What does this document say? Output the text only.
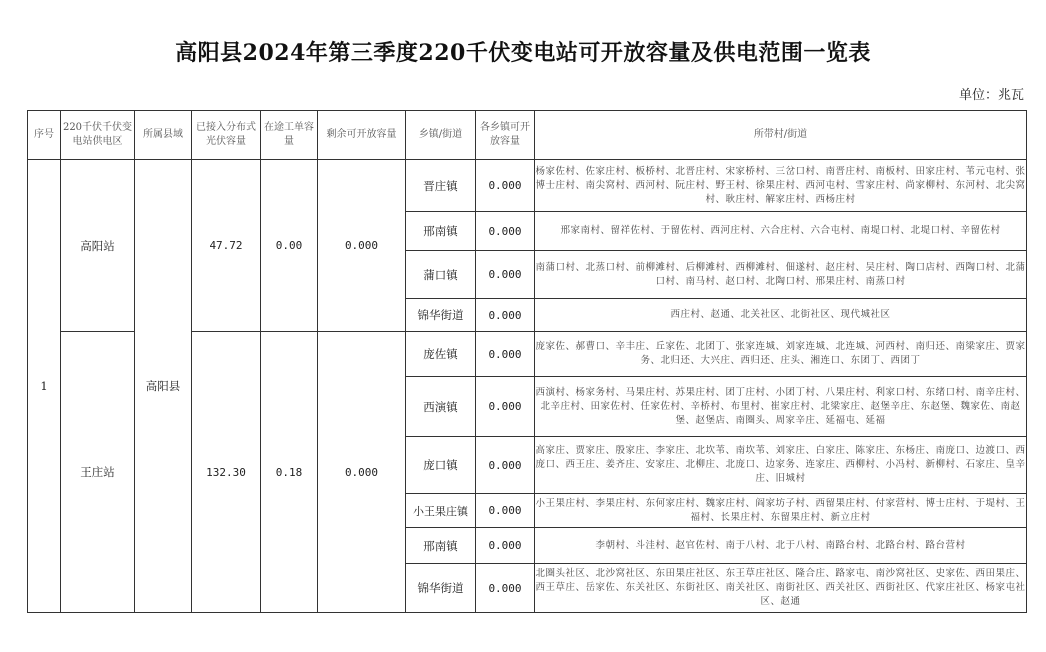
高阳县2024年第三季度220千伏变电站可开放容量及供电范围一览表
单位：兆瓦
序号	220千伏千伏变电站供电区	所属县域	已接入分布式光伏容量	在途工单容量	剩余可开放容量	乡镇/街道	各乡镇可开放容量	所带村/街道
1	高阳站	高阳县	47.72	0.00	0.000	晋庄镇	0.000	杨家佐村、佐家庄村、板桥村、北晋庄村、宋家桥村、三岔口村、南晋庄村、南板村、田家庄村、苇元屯村、张博士庄村、南尖窝村、西河村、阮庄村、野王村、徐果庄村、西河屯村、雪家庄村、尚家柳村、东河村、北尖窝村、耿庄村、解家庄村、西杨庄村
						邢南镇	0.000	邢家南村、留祥佐村、于留佐村、西河庄村、六合庄村、六合屯村、南堤口村、北堤口村、辛留佐村
						蒲口镇	0.000	南蒲口村、北蒸口村、前柳滩村、后柳滩村、西柳滩村、佃遂村、赵庄村、吴庄村、陶口店村、西陶口村、北蒲口村、南马村、赵口村、北陶口村、邢果庄村、南蒸口村
						锦华街道	0.000	西庄村、赵通、北关社区、北街社区、现代城社区
	王庄站		132.30	0.18	0.000	庞佐镇	0.000	庞家佐、郝曹口、辛丰庄、丘家佐、北团丁、张家连城、刘家连城、北连城、河西村、南归还、南梁家庄、贾家务、北归还、大兴庄、西归还、庄头、湘连口、东团丁、西团丁
						西演镇	0.000	西演村、杨家务村、马果庄村、苏果庄村、团丁庄村、小团丁村、八果庄村、利家口村、东绪口村、南辛庄村、北辛庄村、田家佐村、任家佐村、辛桥村、布里村、崔家庄村、北梁家庄、赵堡辛庄、东赵堡、魏家佐、南赵堡、赵堡店、南圈头、周家辛庄、延福屯、延福
						庞口镇	0.000	高家庄、贾家庄、殷家庄、李家庄、北坎苇、南坎苇、刘家庄、白家庄、陈家庄、东杨庄、南庞口、边渡口、西庞口、西王庄、姜齐庄、安家庄、北柳庄、北庞口、边家务、连家庄、西柳村、小冯村、新柳村、石家庄、皇辛庄、旧城村
						小王果庄镇	0.000	小王果庄村、李果庄村、东何家庄村、魏家庄村、阎家坊子村、西留果庄村、付家营村、博士庄村、于堤村、王福村、长果庄村、东留果庄村、新立庄村
						邢南镇	0.000	李朝村、斗洼村、赵官佐村、南于八村、北于八村、南路台村、北路台村、路台营村
						锦华街道	0.000	北圈头社区、北沙窝社区、东田果庄社区、东王草庄社区、隆合庄、路家屯、南沙窝社区、史家佐、西田果庄、西王草庄、岳家佐、东关社区、东街社区、南关社区、南街社区、西关社区、西街社区、代家庄社区、杨家屯社区、赵通
